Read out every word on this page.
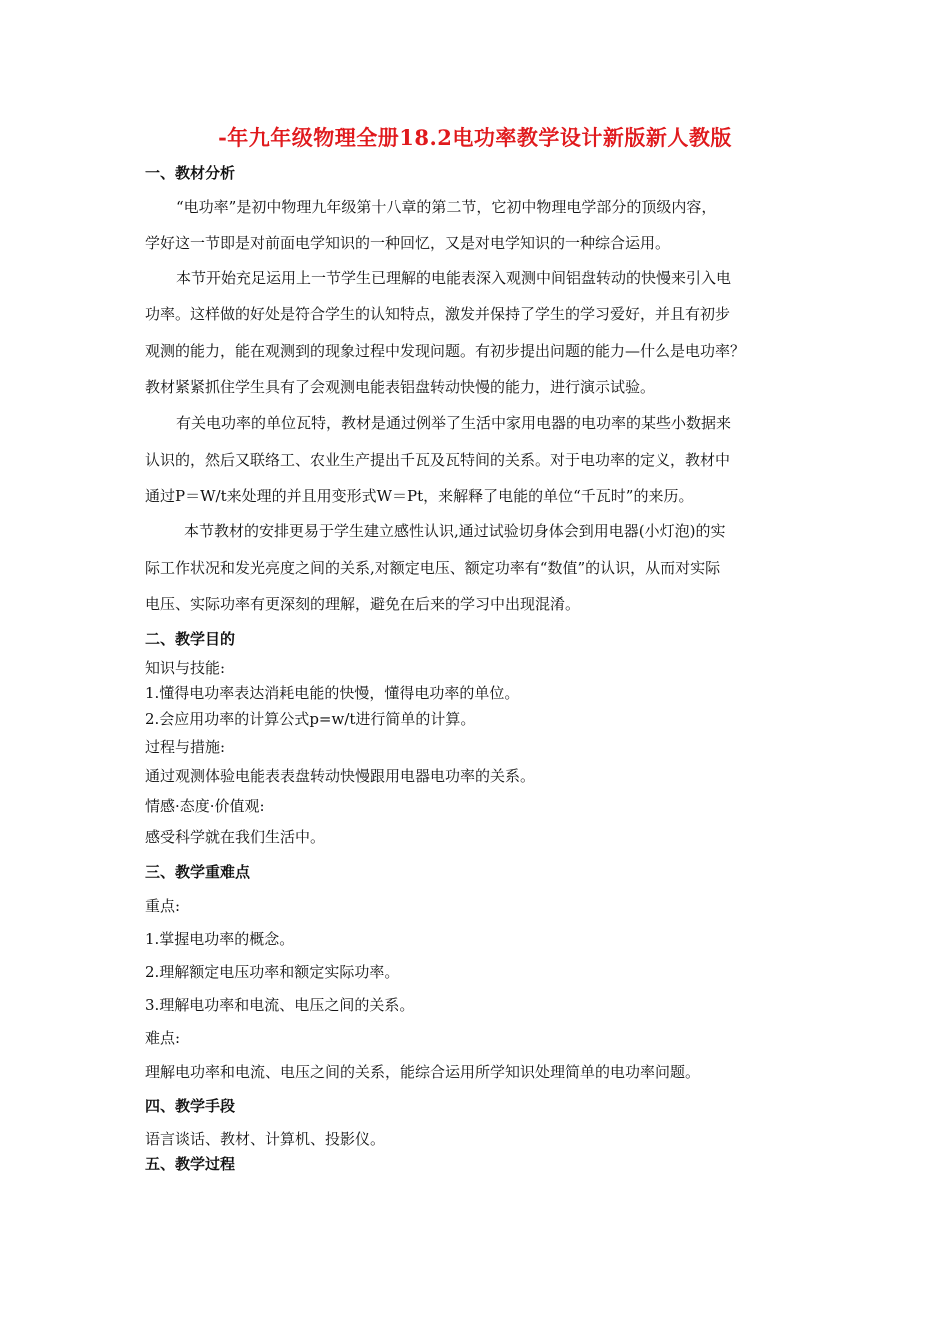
-年九年级物理全册18.2电功率教学设计新版新人教版
一、教材分析
“电功率”是初中物理九年级第十八章的第二节，它初中物理电学部分的顶级内容，
学好这一节即是对前面电学知识的一种回忆，又是对电学知识的一种综合运用。
本节开始充足运用上一节学生已理解的电能表深入观测中间铝盘转动的快慢来引入电
功率。这样做的好处是符合学生的认知特点，激发并保持了学生的学习爱好，并且有初步
观测的能力，能在观测到的现象过程中发现问题。有初步提出问题的能力—什么是电功率？
教材紧紧抓住学生具有了会观测电能表铝盘转动快慢的能力，进行演示试验。
有关电功率的单位瓦特，教材是通过例举了生活中家用电器的电功率的某些小数据来
认识的，然后又联络工、农业生产提出千瓦及瓦特间的关系。对于电功率的定义，教材中
通过P＝W/t来处理的并且用变形式W＝Pt，来解释了电能的单位“千瓦时”的来历。
本节教材的安排更易于学生建立感性认识,通过试验切身体会到用电器(小灯泡)的实
际工作状况和发光亮度之间的关系,对额定电压、额定功率有“数值”的认识，从而对实际
电压、实际功率有更深刻的理解，避免在后来的学习中出现混淆。
二、教学目的
知识与技能:
1.懂得电功率表达消耗电能的快慢，懂得电功率的单位。
2.会应用功率的计算公式p=w/t进行简单的计算。
过程与措施:
通过观测体验电能表表盘转动快慢跟用电器电功率的关系。
情感·态度·价值观:
感受科学就在我们生活中。
三、教学重难点
重点:
1.掌握电功率的概念。
2.理解额定电压功率和额定实际功率。
3.理解电功率和电流、电压之间的关系。
难点:
理解电功率和电流、电压之间的关系，能综合运用所学知识处理简单的电功率问题。
四、教学手段
语言谈话、教材、计算机、投影仪。
五、教学过程
